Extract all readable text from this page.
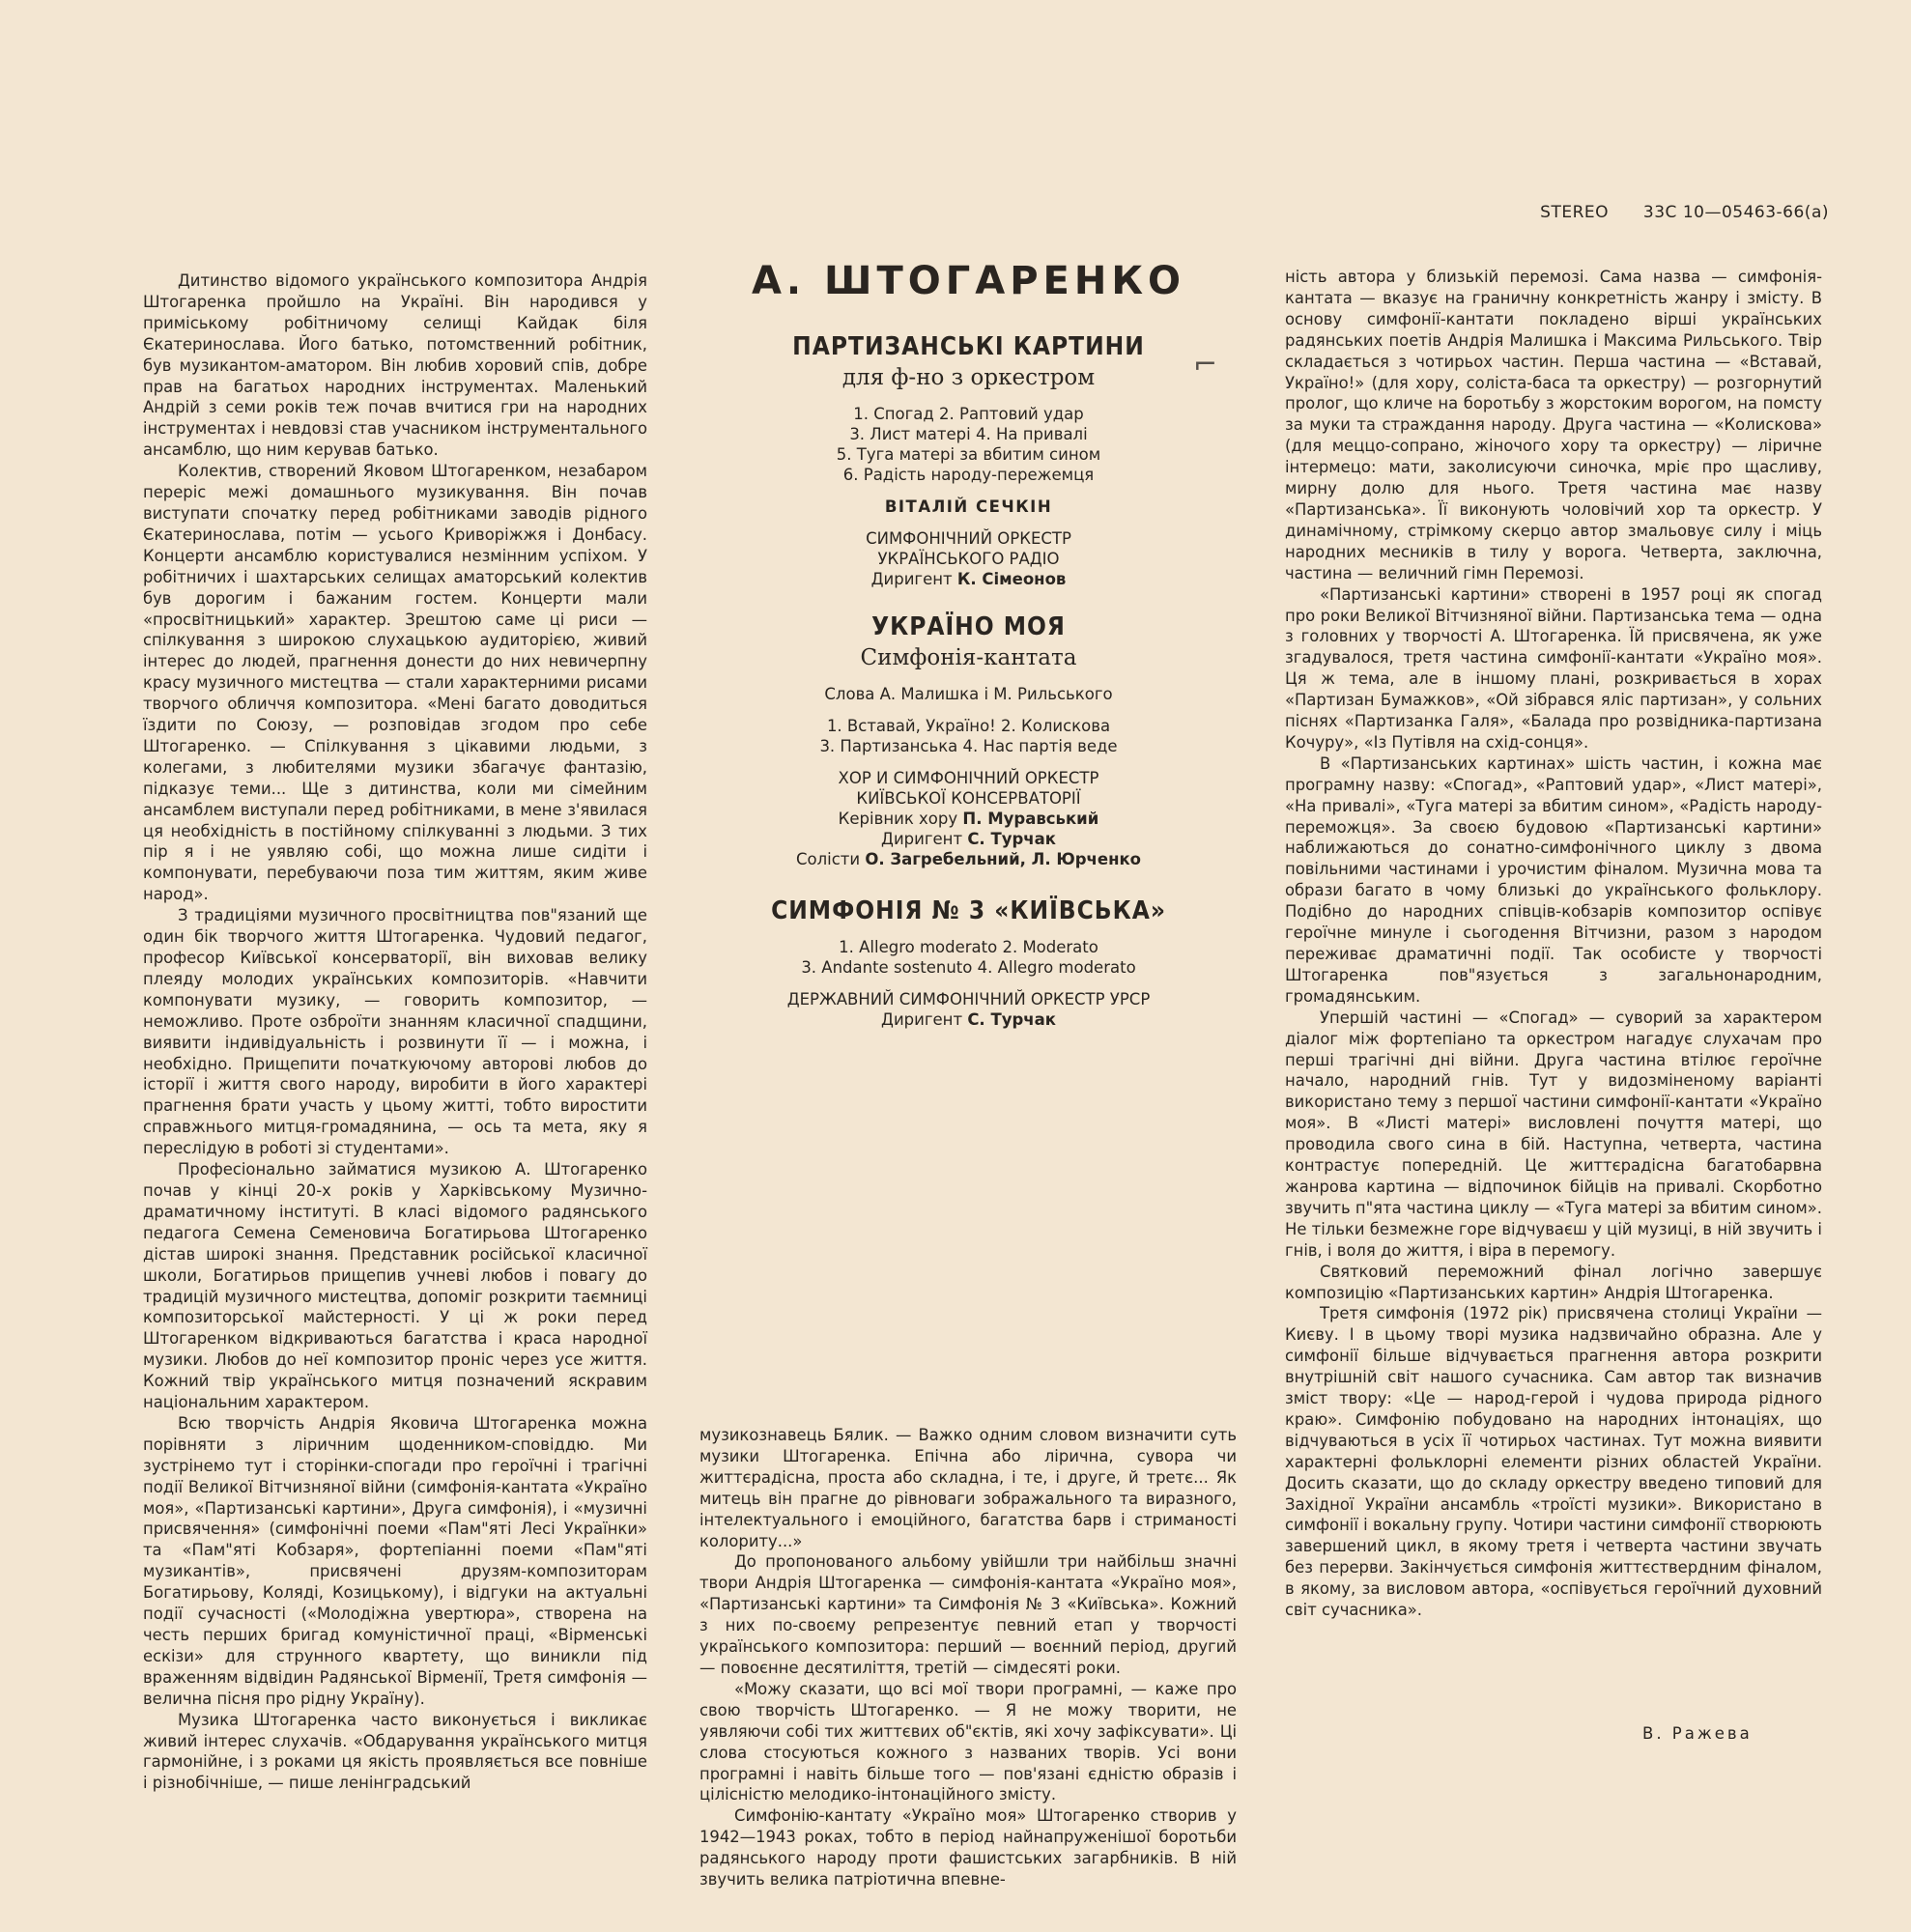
STEREO 33С 10—05463-66(a)

Дитинство відомого українського композитора Андрія Штогаренка пройшло на Україні. Він народився у приміському робітничому селищі Кайдак біля Єкатеринослава. Його батько, потомственний робітник, був музикантом-аматором. Він любив хоровий спів, добре прав на багатьох народних інструментах. Маленький Андрій з семи років теж почав вчитися гри на народних інструментах і невдовзі став учасником інструментального ансамблю, що ним керував батько.

Колектив, створений Яковом Штогаренком, незабаром переріс межі домашнього музикування. Він почав виступати спочатку перед робітниками заводів рідного Єкатеринослава, потім — усього Криворіжжя і Донбасу. Концерти ансамблю користувалися незмінним успіхом. У робітничих і шахтарських селищах аматорський колектив був дорогим і бажаним гостем. Концерти мали «просвітницький» характер. Зрештою саме ці риси — спілкування з широкою слухацькою аудиторією, живий інтерес до людей, прагнення донести до них невичерпну красу музичного мистецтва — стали характерними рисами творчого обличчя композитора. «Мені багато доводиться їздити по Союзу, — розповідав згодом про себе Штогаренко. — Спілкування з цікавими людьми, з колегами, з любителями музики збагачує фантазію, підказує теми... Ще з дитинства, коли ми сімейним ансамблем виступали перед робітниками, в мене з'явилася ця необхідність в постійному спілкуванні з людьми. З тих пір я і не уявляю собі, що можна лише сидіти і компонувати, перебуваючи поза тим життям, яким живе народ».

З традиціями музичного просвітництва пов"язаний ще один бік творчого життя Штогаренка. Чудовий педагог, професор Київської консерваторії, він виховав велику плеяду молодих українських композиторів. «Навчити компонувати музику, — говорить композитор, — неможливо. Проте озброїти знанням класичної спадщини, виявити індивідуальність і розвинути її — і можна, і необхідно. Прищепити початкуючому авторові любов до історії і життя свого народу, виробити в його характері прагнення брати участь у цьому житті, тобто виростити справжнього митця-громадянина, — ось та мета, яку я переслідую в роботі зі студентами».

Професіонально займатися музикою А. Штогаренко почав у кінці 20-х років у Харківському Музично-драматичному інституті. В класі відомого радянського педагога Семена Семеновича Богатирьова Штогаренко дістав широкі знання. Представник російської класичної школи, Богатирьов прищепив учневі любов і повагу до традицій музичного мистецтва, допоміг розкрити таємниці композиторської майстерності. У ці ж роки перед Штогаренком відкриваються багатства і краса народної музики. Любов до неї композитор проніс через усе життя. Кожний твір українського митця позначений яскравим національним характером.

Всю творчість Андрія Яковича Штогаренка можна порівняти з ліричним щоденником-сповіддю. Ми зустрінемо тут і сторінки-спогади про героїчні і трагічні події Великої Вітчизняної війни (симфонія-кантата «Україно моя», «Партизанські картини», Друга симфонія), і «музичні присвячення» (симфонічні поеми «Пам"яті Лесі Українки» та «Пам"яті Кобзаря», фортепіанні поеми «Пам"яті музикантів», присвячені друзям-композиторам Богатирьову, Коляді, Козицькому), і відгуки на актуальні події сучасності («Молодіжна увертюра», створена на честь перших бригад комуністичної праці, «Вірменські ескізи» для струнного квартету, що виникли під враженням відвідин Радянської Вірменії, Третя симфонія — велична пісня про рідну Україну).

Музика Штогаренка часто виконується і викликає живий інтерес слухачів. «Обдарування українського митця гармонійне, і з роками ця якість проявляється все повніше і різнобічніше, — пише ленінградський

А. ШТОГАРЕНКО
ПАРТИЗАНСЬКІ КАРТИНИ
для ф-но з оркестром
1. Спогад 2. Раптовий удар
3. Лист матері 4. На привалі
5. Туга матері за вбитим сином
6. Радість народу-пережемця
ВІТАЛІЙ СЕЧКІН
СИМФОНІЧНИЙ ОРКЕСТР
УКРАЇНСЬКОГО РАДІО
Диригент К. Сімеонов
УКРАЇНО МОЯ
Симфонія-кантата
Слова А. Малишка і М. Рильського
1. Вставай, Україно! 2. Колискова
3. Партизанська 4. Нас партія веде
ХОР И СИМФОНІЧНИЙ ОРКЕСТР
КИЇВСЬКОЇ КОНСЕРВАТОРІЇ
Керівник хору П. Муравський
Диригент С. Турчак
Солісти О. Загребельний, Л. Юрченко
СИМФОНІЯ № 3 «КИЇВСЬКА»
1. Allegro moderato 2. Moderato
3. Andante sostenuto 4. Allegro moderato
ДЕРЖАВНИЙ СИМФОНІЧНИЙ ОРКЕСТР УРСР
Диригент С. Турчак
⌐

музикознавець Бялик. — Важко одним словом визначити суть музики Штогаренка. Епічна або лірична, сувора чи життєрадісна, проста або складна, і те, і друге, й третє... Як митець він прагне до рівноваги зображального та виразного, інтелектуального і емоційного, багатства барв і стриманості колориту...»

До пропонованого альбому увійшли три найбільш значні твори Андрія Штогаренка — симфонія-кантата «Україно моя», «Партизанські картини» та Симфонія № 3 «Київська». Кожний з них по-своєму репрезентує певний етап у творчості українського композитора: перший — воєнний період, другий — повоєнне десятиліття, третій — сімдесяті роки.

«Можу сказати, що всі мої твори програмні, — каже про свою творчість Штогаренко. — Я не можу творити, не уявляючи собі тих життєвих об"єктів, які хочу зафіксувати». Ці слова стосуються кожного з названих творів. Усі вони програмні і навіть більше того — пов'язані єдністю образів і цілісністю мелодико-інтонаційного змісту.

Симфонію-кантату «Україно моя» Штогаренко створив у 1942—1943 роках, тобто в період найнапруженішої боротьби радянського народу проти фашистських загарбників. В ній звучить велика патріотична впевне-

ність автора у близькій перемозі. Сама назва — симфонія-кантата — вказує на граничну конкретність жанру і змісту. В основу симфонії-кантати покладено вірші українських радянських поетів Андрія Малишка і Максима Рильського. Твір складається з чотирьох частин. Перша частина — «Вставай, Україно!» (для хору, соліста-баса та оркестру) — розгорнутий пролог, що кличе на боротьбу з жорстоким ворогом, на помсту за муки та страждання народу. Друга частина — «Колискова» (для меццо-сопрано, жіночого хору та оркестру) — ліричне інтермецо: мати, заколисуючи синочка, мріє про щасливу, мирну долю для нього. Третя частина має назву «Партизанська». Її виконують чоловічий хор та оркестр. У динамічному, стрімкому скерцо автор змальовує силу і міць народних месників в тилу у ворога. Четверта, заключна, частина — величний гімн Перемозі.

«Партизанські картини» створені в 1957 році як спогад про роки Великої Вітчизняної війни. Партизанська тема — одна з головних у творчості А. Штогаренка. Їй присвячена, як уже згадувалося, третя частина симфонії-кантати «Україно моя». Ця ж тема, але в іншому плані, розкривається в хорах «Партизан Бумажков», «Ой зібрався яліс партизан», у сольних піснях «Партизанка Галя», «Балада про розвідника-партизана Кочуру», «Із Путівля на схід-сонця».

В «Партизанських картинах» шість частин, і кожна має програмну назву: «Спогад», «Раптовий удар», «Лист матері», «На привалі», «Туга матері за вбитим сином», «Радість народу-переможця». За своєю будовою «Партизанські картини» наближаються до сонатно-симфонічного циклу з двома повільними частинами і урочистим фіналом. Музична мова та образи багато в чому близькі до українського фольклору. Подібно до народних співців-кобзарів композитор оспівує героїчне минуле і сьогодення Вітчизни, разом з народом переживає драматичні події. Так особисте у творчості Штогаренка пов"язується з загальнонародним, громадянським.

Упершій частині — «Спогад» — суворий за характером діалог між фортепіано та оркестром нагадує слухачам про перші трагічні дні війни. Друга частина втілює героїчне начало, народний гнів. Тут у видозміненому варіанті використано тему з першої частини симфонії-кантати «Україно моя». В «Листі матері» висловлені почуття матері, що проводила свого сина в бій. Наступна, четверта, частина контрастує попередній. Це життєрадісна багатобарвна жанрова картина — відпочинок бійців на привалі. Скорботно звучить п"ята частина циклу — «Туга матері за вбитим сином». Не тільки безмежне горе відчуваєш у цій музиці, в ній звучить і гнів, і воля до життя, і віра в перемогу.

Святковий переможний фінал логічно завершує композицію «Партизанських картин» Андрія Штогаренка.

Третя симфонія (1972 рік) присвячена столиці України — Києву. І в цьому творі музика надзвичайно образна. Але у симфонії більше відчувається прагнення автора розкрити внутрішній світ нашого сучасника. Сам автор так визначив зміст твору: «Це — народ-герой і чудова природа рідного краю». Симфонію побудовано на народних інтонаціях, що відчуваються в усіх її чотирьох частинах. Тут можна виявити характерні фольклорні елементи різних областей України. Досить сказати, що до складу оркестру введено типовий для Західної України ансамбль «троїсті музики». Використано в симфонії і вокальну групу. Чотири частини симфонії створюють завершений цикл, в якому третя і четверта частини звучать без перерви. Закінчується симфонія життєствердним фіналом, в якому, за висловом автора, «оспівується героїчний духовний світ сучасника».

В. Ражева
